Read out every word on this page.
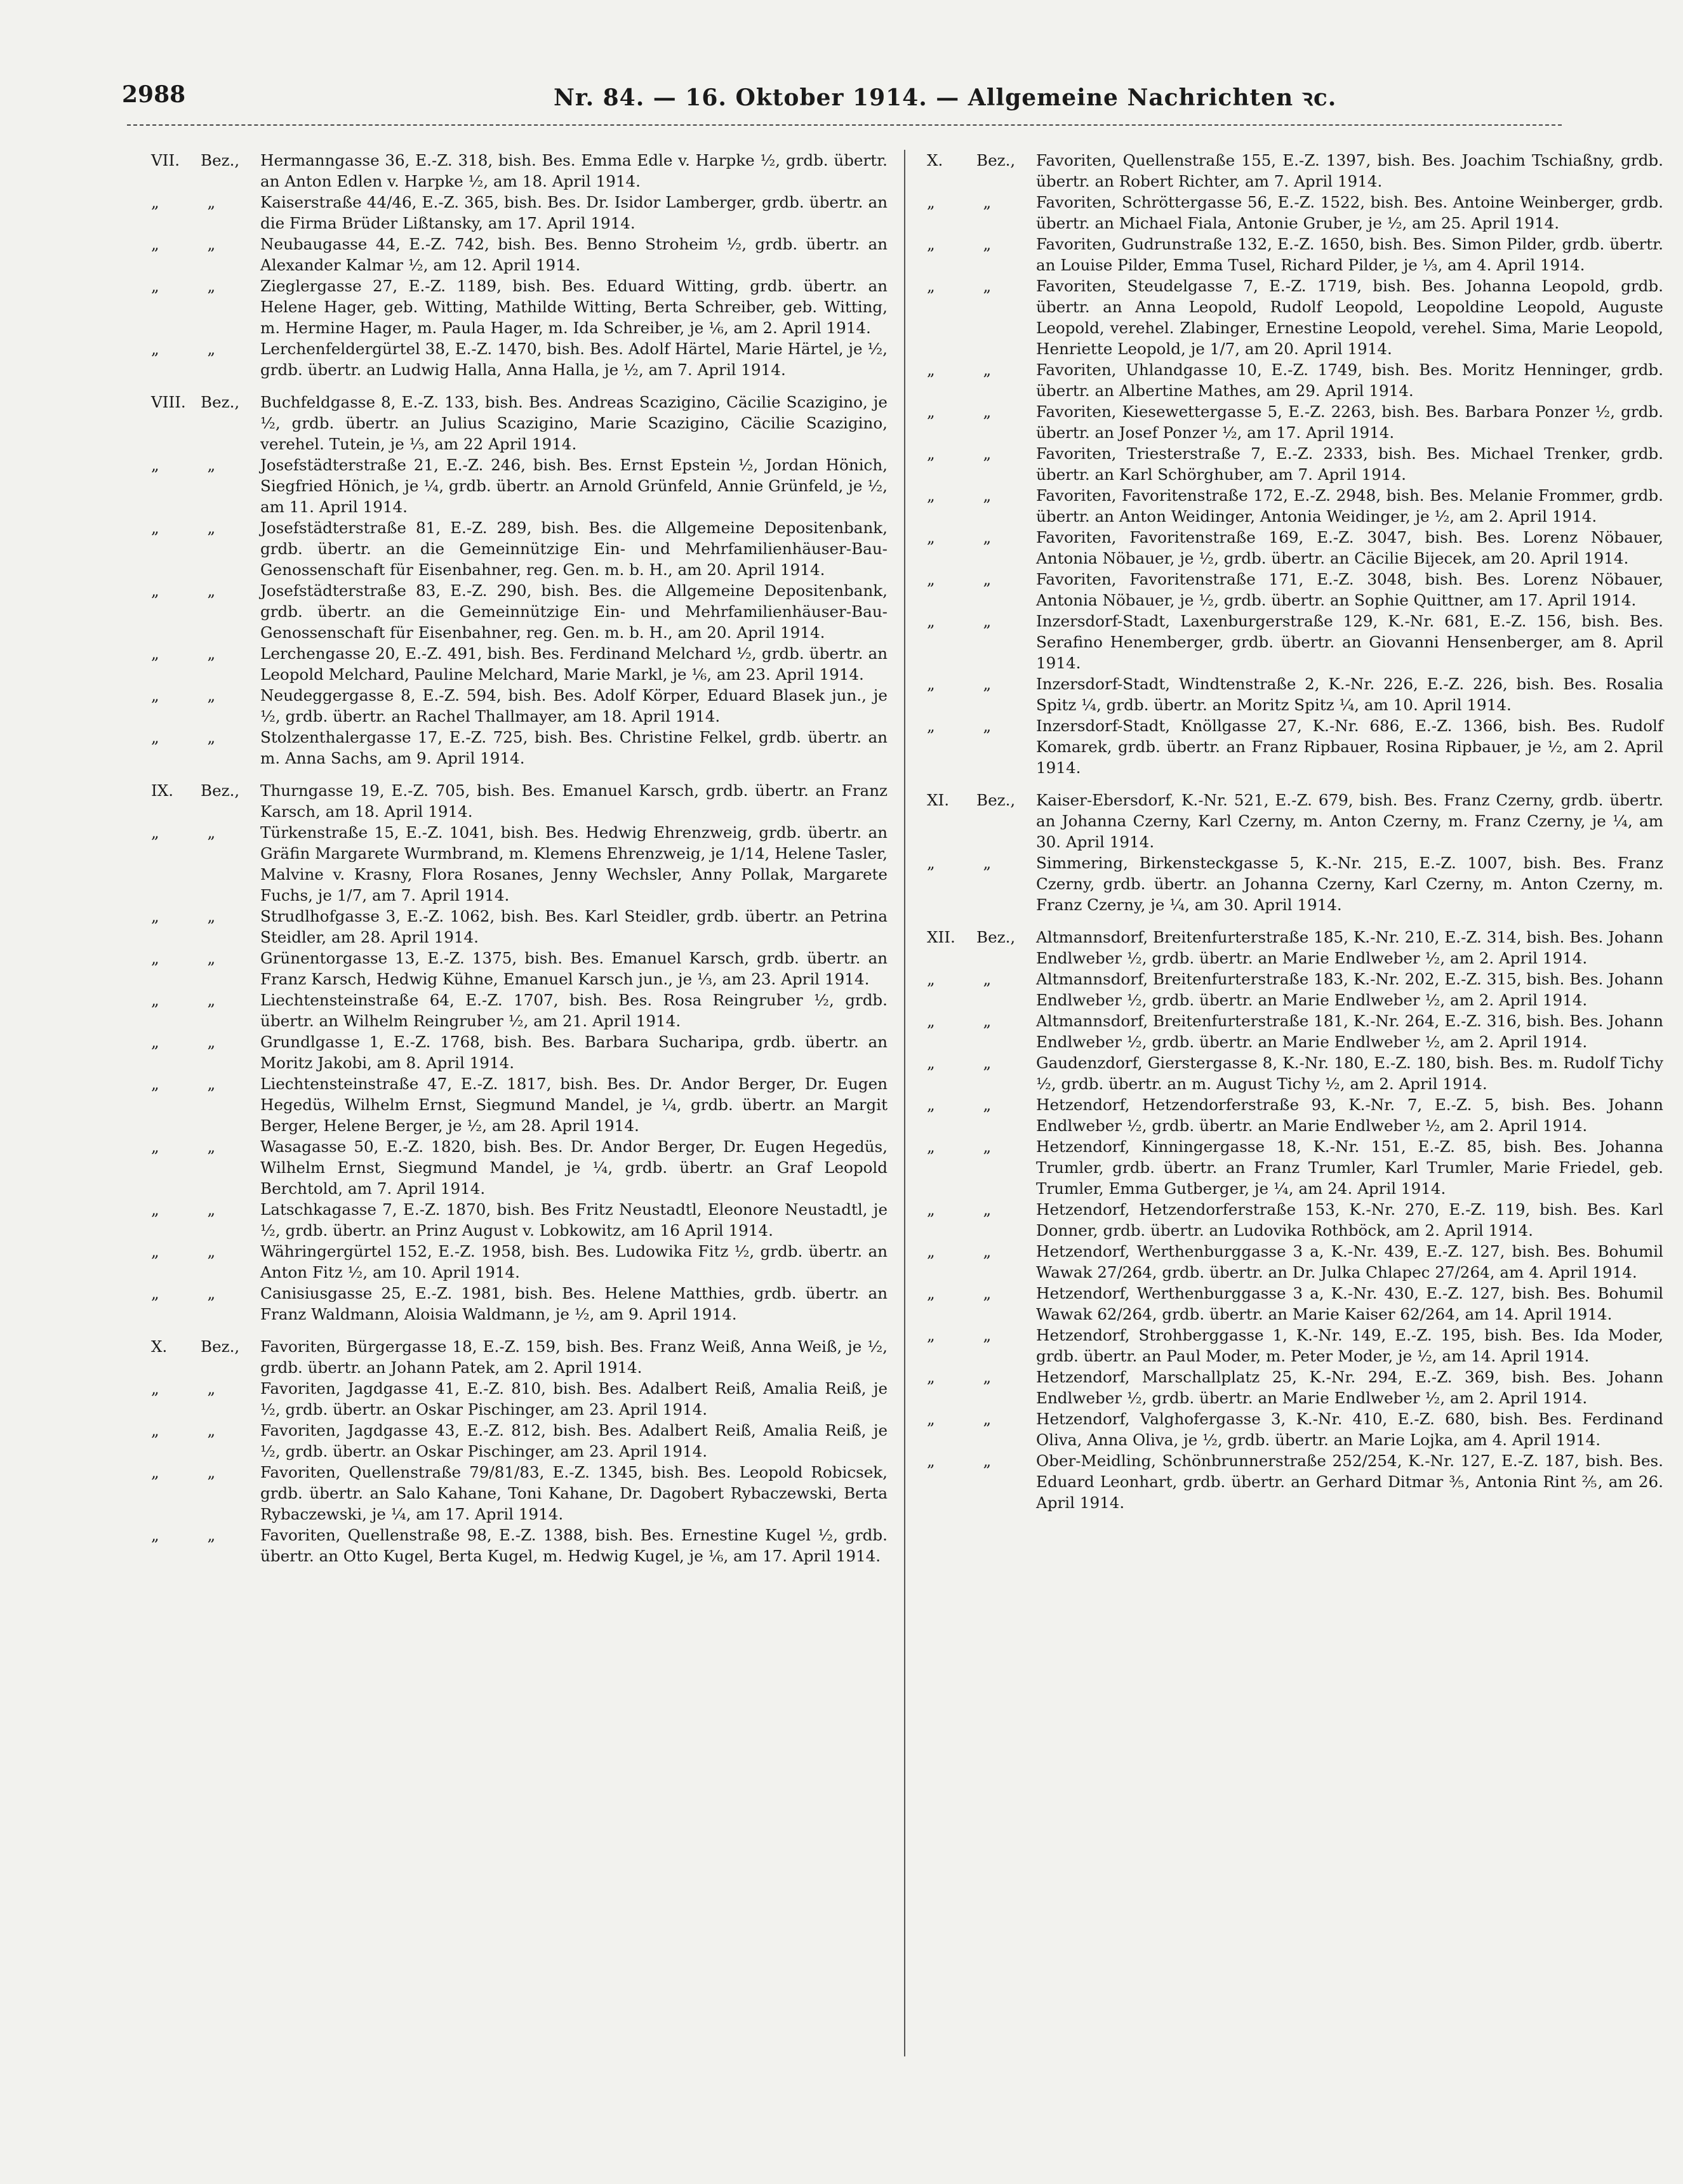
2988	Nr. 84. — 16. Oktober 1914. — Allgemeine Nachrichten ꝛc.
VII. Bez.,	Hermanngasse 36, E.-Z. 318, bish. Bes. Emma Edle v. Harpke ½, grdb. übertr. an Anton Edlen v. Harpke ½, am 18. April 1914.
„ „	Kaiserstraße 44/46, E.-Z. 365, bish. Bes. Dr. Isidor Lamberger, grdb. übertr. an die Firma Brüder Lißtansky, am 17. April 1914.
„ „	Neubaugasse 44, E.-Z. 742, bish. Bes. Benno Stroheim ½, grdb. übertr. an Alexander Kalmar ½, am 12. April 1914.
„ „	Zieglergasse 27, E.-Z. 1189, bish. Bes. Eduard Witting, grdb. übertr. an Helene Hager, geb. Witting, Mathilde Witting, Berta Schreiber, geb. Witting, m. Hermine Hager, m. Paula Hager, m. Ida Schreiber, je ⅙, am 2. April 1914.
„ „	Lerchenfeldergürtel 38, E.-Z. 1470, bish. Bes. Adolf Härtel, Marie Härtel, je ½, grdb. übertr. an Ludwig Halla, Anna Halla, je ½, am 7. April 1914.
VIII. Bez.,	Buchfeldgasse 8, E.-Z. 133, bish. Bes. Andreas Scazigino, Cäcilie Scazigino, je ½, grdb. übertr. an Julius Scazigino, Marie Scazigino, Cäcilie Scazigino, verehel. Tutein, je ⅓, am 22 April 1914.
„ „	Josefstädterstraße 21, E.-Z. 246, bish. Bes. Ernst Epstein ½, Jordan Hönich, Siegfried Hönich, je ¼, grdb. übertr. an Arnold Grünfeld, Annie Grünfeld, je ½, am 11. April 1914.
„ „	Josefstädterstraße 81, E.-Z. 289, bish. Bes. die Allgemeine Depositenbank, grdb. übertr. an die Gemeinnützige Ein- und Mehrfamilienhäuser-Bau-Genossenschaft für Eisenbahner, reg. Gen. m. b. H., am 20. April 1914.
„ „	Josefstädterstraße 83, E.-Z. 290, bish. Bes. die Allgemeine Depositenbank, grdb. übertr. an die Gemeinnützige Ein- und Mehrfamilienhäuser-Bau-Genossenschaft für Eisenbahner, reg. Gen. m. b. H., am 20. April 1914.
„ „	Lerchengasse 20, E.-Z. 491, bish. Bes. Ferdinand Melchard ½, grdb. übertr. an Leopold Melchard, Pauline Melchard, Marie Markl, je ⅙, am 23. April 1914.
„ „	Neudeggergasse 8, E.-Z. 594, bish. Bes. Adolf Körper, Eduard Blasek jun., je ½, grdb. übertr. an Rachel Thallmayer, am 18. April 1914.
„ „	Stolzenthalergasse 17, E.-Z. 725, bish. Bes. Christine Felkel, grdb. übertr. an m. Anna Sachs, am 9. April 1914.
IX. Bez.,	Thurngasse 19, E.-Z. 705, bish. Bes. Emanuel Karsch, grdb. übertr. an Franz Karsch, am 18. April 1914.
„ „	Türkenstraße 15, E.-Z. 1041, bish. Bes. Hedwig Ehrenzweig, grdb. übertr. an Gräfin Margarete Wurmbrand, m. Klemens Ehrenzweig, je 1/14, Helene Tasler, Malvine v. Krasny, Flora Rosanes, Jenny Wechsler, Anny Pollak, Margarete Fuchs, je 1/7, am 7. April 1914.
„ „	Strudlhofgasse 3, E.-Z. 1062, bish. Bes. Karl Steidler, grdb. übertr. an Petrina Steidler, am 28. April 1914.
„ „	Grünentorgasse 13, E.-Z. 1375, bish. Bes. Emanuel Karsch, grdb. übertr. an Franz Karsch, Hedwig Kühne, Emanuel Karsch jun., je ⅓, am 23. April 1914.
„ „	Liechtensteinstraße 64, E.-Z. 1707, bish. Bes. Rosa Reingruber ½, grdb. übertr. an Wilhelm Reingruber ½, am 21. April 1914.
„ „	Grundlgasse 1, E.-Z. 1768, bish. Bes. Barbara Sucharipa, grdb. übertr. an Moritz Jakobi, am 8. April 1914.
„ „	Liechtensteinstraße 47, E.-Z. 1817, bish. Bes. Dr. Andor Berger, Dr. Eugen Hegedüs, Wilhelm Ernst, Siegmund Mandel, je ¼, grdb. übertr. an Margit Berger, Helene Berger, je ½, am 28. April 1914.
„ „	Wasagasse 50, E.-Z. 1820, bish. Bes. Dr. Andor Berger, Dr. Eugen Hegedüs, Wilhelm Ernst, Siegmund Mandel, je ¼, grdb. übertr. an Graf Leopold Berchtold, am 7. April 1914.
„ „	Latschkagasse 7, E.-Z. 1870, bish. Bes Fritz Neustadtl, Eleonore Neustadtl, je ½, grdb. übertr. an Prinz August v. Lobkowitz, am 16 April 1914.
„ „	Währingergürtel 152, E.-Z. 1958, bish. Bes. Ludowika Fitz ½, grdb. übertr. an Anton Fitz ½, am 10. April 1914.
„ „	Canisiusgasse 25, E.-Z. 1981, bish. Bes. Helene Matthies, grdb. übertr. an Franz Waldmann, Aloisia Waldmann, je ½, am 9. April 1914.
X. Bez.,	Favoriten, Bürgergasse 18, E.-Z. 159, bish. Bes. Franz Weiß, Anna Weiß, je ½, grdb. übertr. an Johann Patek, am 2. April 1914.
„ „	Favoriten, Jagdgasse 41, E.-Z. 810, bish. Bes. Adalbert Reiß, Amalia Reiß, je ½, grdb. übertr. an Oskar Pischinger, am 23. April 1914.
„ „	Favoriten, Jagdgasse 43, E.-Z. 812, bish. Bes. Adalbert Reiß, Amalia Reiß, je ½, grdb. übertr. an Oskar Pischinger, am 23. April 1914.
„ „	Favoriten, Quellenstraße 79/81/83, E.-Z. 1345, bish. Bes. Leopold Robicsek, grdb. übertr. an Salo Kahane, Toni Kahane, Dr. Dagobert Rybaczewski, Berta Rybaczewski, je ¼, am 17. April 1914.
„ „	Favoriten, Quellenstraße 98, E.-Z. 1388, bish. Bes. Ernestine Kugel ½, grdb. übertr. an Otto Kugel, Berta Kugel, m. Hedwig Kugel, je ⅙, am 17. April 1914.
X. Bez.,	Favoriten, Quellenstraße 155, E.-Z. 1397, bish. Bes. Joachim Tschiaßny, grdb. übertr. an Robert Richter, am 7. April 1914.
„ „	Favoriten, Schröttergasse 56, E.-Z. 1522, bish. Bes. Antoine Weinberger, grdb. übertr. an Michael Fiala, Antonie Gruber, je ½, am 25. April 1914.
„ „	Favoriten, Gudrunstraße 132, E.-Z. 1650, bish. Bes. Simon Pilder, grdb. übertr. an Louise Pilder, Emma Tusel, Richard Pilder, je ⅓, am 4. April 1914.
„ „	Favoriten, Steudelgasse 7, E.-Z. 1719, bish. Bes. Johanna Leopold, grdb. übertr. an Anna Leopold, Rudolf Leopold, Leopoldine Leopold, Auguste Leopold, verehel. Zlabinger, Ernestine Leopold, verehel. Sima, Marie Leopold, Henriette Leopold, je 1/7, am 20. April 1914.
„ „	Favoriten, Uhlandgasse 10, E.-Z. 1749, bish. Bes. Moritz Henninger, grdb. übertr. an Albertine Mathes, am 29. April 1914.
„ „	Favoriten, Kiesewettergasse 5, E.-Z. 2263, bish. Bes. Barbara Ponzer ½, grdb. übertr. an Josef Ponzer ½, am 17. April 1914.
„ „	Favoriten, Triesterstraße 7, E.-Z. 2333, bish. Bes. Michael Trenker, grdb. übertr. an Karl Schörghuber, am 7. April 1914.
„ „	Favoriten, Favoritenstraße 172, E.-Z. 2948, bish. Bes. Melanie Frommer, grdb. übertr. an Anton Weidinger, Antonia Weidinger, je ½, am 2. April 1914.
„ „	Favoriten, Favoritenstraße 169, E.-Z. 3047, bish. Bes. Lorenz Nöbauer, Antonia Nöbauer, je ½, grdb. übertr. an Cäcilie Bijecek, am 20. April 1914.
„ „	Favoriten, Favoritenstraße 171, E.-Z. 3048, bish. Bes. Lorenz Nöbauer, Antonia Nöbauer, je ½, grdb. übertr. an Sophie Quittner, am 17. April 1914.
„ „	Inzersdorf-Stadt, Laxenburgerstraße 129, K.-Nr. 681, E.-Z. 156, bish. Bes. Serafino Henemberger, grdb. übertr. an Giovanni Hensenberger, am 8. April 1914.
„ „	Inzersdorf-Stadt, Windtenstraße 2, K.-Nr. 226, E.-Z. 226, bish. Bes. Rosalia Spitz ¼, grdb. übertr. an Moritz Spitz ¼, am 10. April 1914.
„ „	Inzersdorf-Stadt, Knöllgasse 27, K.-Nr. 686, E.-Z. 1366, bish. Bes. Rudolf Komarek, grdb. übertr. an Franz Ripbauer, Rosina Ripbauer, je ½, am 2. April 1914.
XI. Bez.,	Kaiser-Ebersdorf, K.-Nr. 521, E.-Z. 679, bish. Bes. Franz Czerny, grdb. übertr. an Johanna Czerny, Karl Czerny, m. Anton Czerny, m. Franz Czerny, je ¼, am 30. April 1914.
„ „	Simmering, Birkensteckgasse 5, K.-Nr. 215, E.-Z. 1007, bish. Bes. Franz Czerny, grdb. übertr. an Johanna Czerny, Karl Czerny, m. Anton Czerny, m. Franz Czerny, je ¼, am 30. April 1914.
XII. Bez.,	Altmannsdorf, Breitenfurterstraße 185, K.-Nr. 210, E.-Z. 314, bish. Bes. Johann Endlweber ½, grdb. übertr. an Marie Endlweber ½, am 2. April 1914.
„ „	Altmannsdorf, Breitenfurterstraße 183, K.-Nr. 202, E.-Z. 315, bish. Bes. Johann Endlweber ½, grdb. übertr. an Marie Endlweber ½, am 2. April 1914.
„ „	Altmannsdorf, Breitenfurterstraße 181, K.-Nr. 264, E.-Z. 316, bish. Bes. Johann Endlweber ½, grdb. übertr. an Marie Endlweber ½, am 2. April 1914.
„ „	Gaudenzdorf, Gierstergasse 8, K.-Nr. 180, E.-Z. 180, bish. Bes. m. Rudolf Tichy ½, grdb. übertr. an m. August Tichy ½, am 2. April 1914.
„ „	Hetzendorf, Hetzendorferstraße 93, K.-Nr. 7, E.-Z. 5, bish. Bes. Johann Endlweber ½, grdb. übertr. an Marie Endlweber ½, am 2. April 1914.
„ „	Hetzendorf, Kinningergasse 18, K.-Nr. 151, E.-Z. 85, bish. Bes. Johanna Trumler, grdb. übertr. an Franz Trumler, Karl Trumler, Marie Friedel, geb. Trumler, Emma Gutberger, je ¼, am 24. April 1914.
„ „	Hetzendorf, Hetzendorferstraße 153, K.-Nr. 270, E.-Z. 119, bish. Bes. Karl Donner, grdb. übertr. an Ludovika Rothböck, am 2. April 1914.
„ „	Hetzendorf, Werthenburggasse 3 a, K.-Nr. 439, E.-Z. 127, bish. Bes. Bohumil Wawak 27/264, grdb. übertr. an Dr. Julka Chlapec 27/264, am 4. April 1914.
„ „	Hetzendorf, Werthenburggasse 3 a, K.-Nr. 430, E.-Z. 127, bish. Bes. Bohumil Wawak 62/264, grdb. übertr. an Marie Kaiser 62/264, am 14. April 1914.
„ „	Hetzendorf, Strohberggasse 1, K.-Nr. 149, E.-Z. 195, bish. Bes. Ida Moder, grdb. übertr. an Paul Moder, m. Peter Moder, je ½, am 14. April 1914.
„ „	Hetzendorf, Marschallplatz 25, K.-Nr. 294, E.-Z. 369, bish. Bes. Johann Endlweber ½, grdb. übertr. an Marie Endlweber ½, am 2. April 1914.
„ „	Hetzendorf, Valghofergasse 3, K.-Nr. 410, E.-Z. 680, bish. Bes. Ferdinand Oliva, Anna Oliva, je ½, grdb. übertr. an Marie Lojka, am 4. April 1914.
„ „	Ober-Meidling, Schönbrunnerstraße 252/254, K.-Nr. 127, E.-Z. 187, bish. Bes. Eduard Leonhart, grdb. übertr. an Gerhard Ditmar ⅗, Antonia Rint ⅖, am 26. April 1914.
